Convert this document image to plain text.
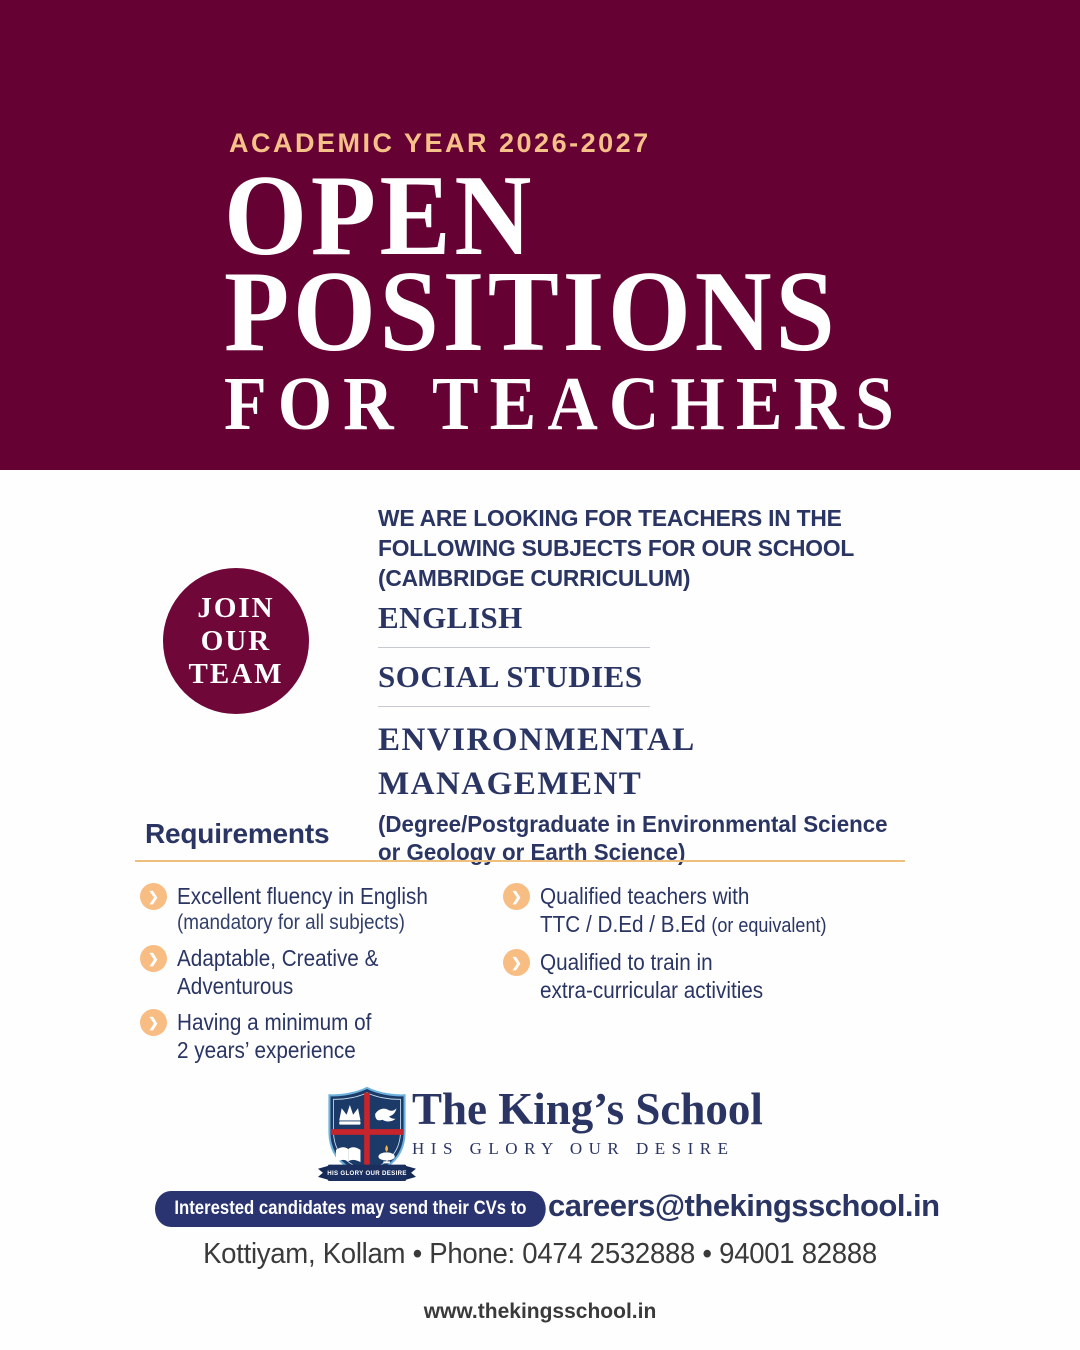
ACADEMIC YEAR 2026-2027
OPEN
POSITIONS
FOR TEACHERS
JOIN
OUR
TEAM
WE ARE LOOKING FOR TEACHERS IN THE
FOLLOWING SUBJECTS FOR OUR SCHOOL
(CAMBRIDGE CURRICULUM)
ENGLISH
SOCIAL STUDIES
ENVIRONMENTAL MANAGEMENT
(Degree/Postgraduate in Environmental Science
or Geology or Earth Science)
Requirements
❯ Excellent fluency in English
(mandatory for all subjects)
❯ Adaptable, Creative &
Adventurous
❯ Having a minimum of
2 years’ experience
❯ Qualified teachers with
TTC / D.Ed / B.Ed (or equivalent)
❯ Qualified to train in
extra-curricular activities
HIS GLORY OUR DESIRE
The King’s School
HIS GLORY OUR DESIRE
Interested candidates may send their CVs to careers@thekingsschool.in
Kottiyam, Kollam • Phone: 0474 2532888 • 94001 82888
www.thekingsschool.in
